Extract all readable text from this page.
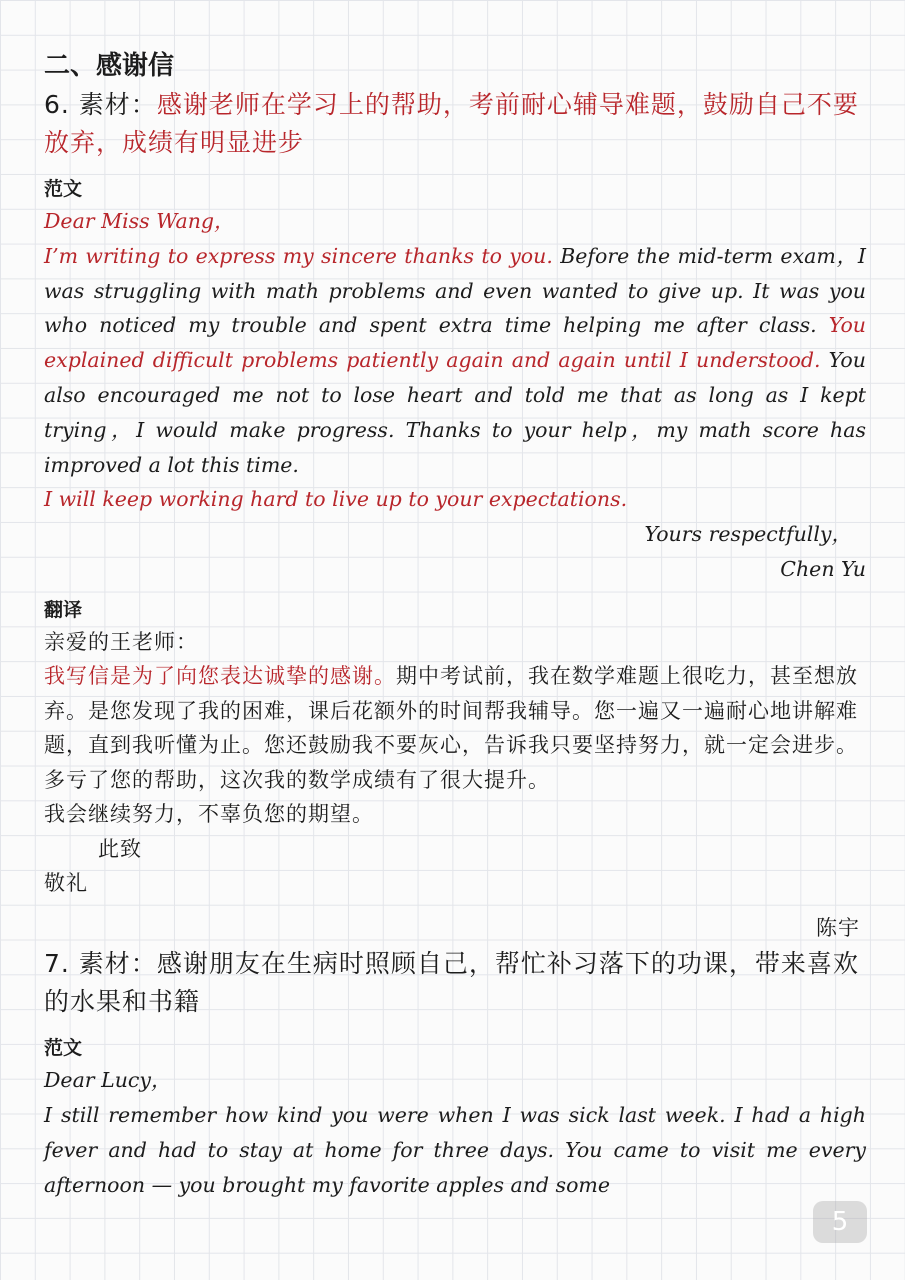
二、感谢信
6. 素材：感谢老师在学习上的帮助，考前耐心辅导难题，鼓励自己不要放弃，成绩有明显进步
范文
Dear Miss Wang，
I’m writing to express my sincere thanks to you. Before the mid-term exam，I was struggling with math problems and even wanted to give up. It was you who noticed my trouble and spent extra time helping me after class. You explained difficult problems patiently again and again until I understood. You also encouraged me not to lose heart and told me that as long as I kept trying，I would make progress. Thanks to your help，my math score has improved a lot this time.
I will keep working hard to live up to your expectations.
Yours respectfully，
Chen Yu
翻译
亲爱的王老师：
我写信是为了向您表达诚挚的感谢。期中考试前，我在数学难题上很吃力，甚至想放弃。是您发现了我的困难，课后花额外的时间帮我辅导。您一遍又一遍耐心地讲解难题，直到我听懂为止。您还鼓励我不要灰心，告诉我只要坚持努力，就一定会进步。多亏了您的帮助，这次我的数学成绩有了很大提升。
我会继续努力，不辜负您的期望。
此致
敬礼
陈宇
7. 素材：感谢朋友在生病时照顾自己，帮忙补习落下的功课，带来喜欢的水果和书籍
范文
Dear Lucy，
I still remember how kind you were when I was sick last week. I had a high fever and had to stay at home for three days. You came to visit me every afternoon — you brought my favorite apples and some
5
